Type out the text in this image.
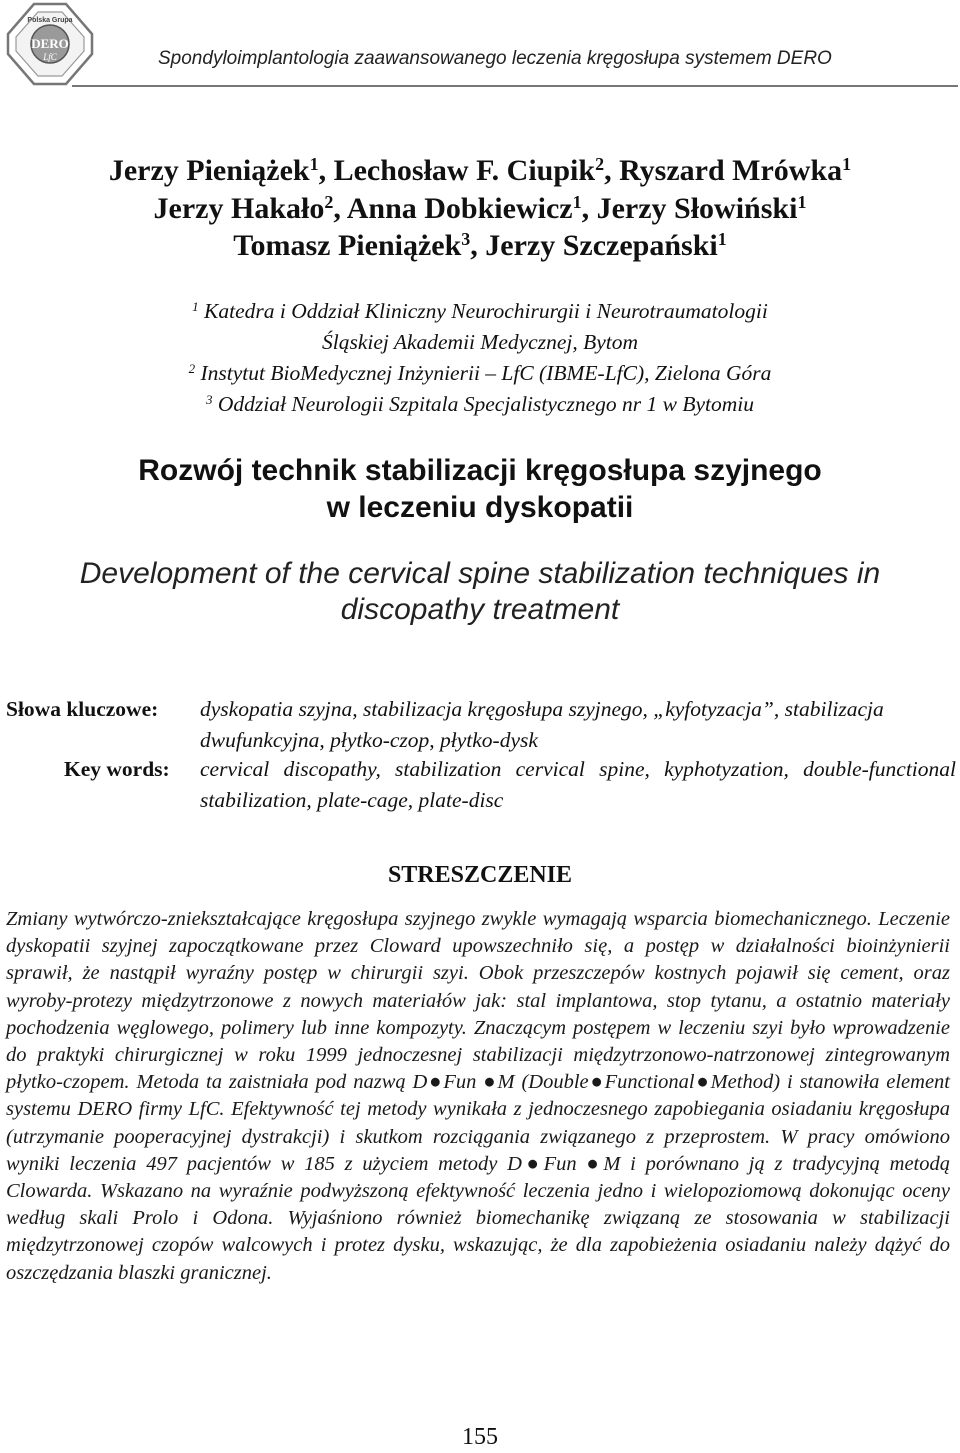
Polska Grupa
DERO
LfC	Spondyloimplantologia zaawansowanego leczenia kręgosłupa systemem DERO
Jerzy Pieniążek$^1$, Lechosław F. Ciupik$^2$, Ryszard Mrówka$^1$
Jerzy Hakało$^2$, Anna Dobkiewicz$^1$, Jerzy Słowiński$^1$
Tomasz Pieniążek$^3$, Jerzy Szczepański$^1$
$^1$ Katedra i Oddział Kliniczny Neurochirurgii i Neurotraumatologii
Śląskiej Akademii Medycznej, Bytom
$^2$ Instytut BioMedycznej Inżynierii – LfC (IBME-LfC), Zielona Góra
$^3$ Oddział Neurologii Szpitala Specjalistycznego nr 1 w Bytomiu
Rozwój technik stabilizacji kręgosłupa szyjnego
w leczeniu dyskopatii
Development of the cervical spine stabilization techniques in
discopathy treatment
Słowa kluczowe: dyskopatia szyjna, stabilizacja kręgosłupa szyjnego, „kyfotyzacja”, stabilizacja dwufunkcyjna, płytko-czop, płytko-dysk
Key words: cervical discopathy, stabilization cervical spine, kyphotyzation, double-functional stabilization, plate-cage, plate-disc
STRESZCZENIE
Zmiany wytwórczo-zniekształcające kręgosłupa szyjnego zwykle wymagają wsparcia biomechanicznego. Leczenie dyskopatii szyjnej zapoczątkowane przez Cloward upowszechniło się, a postęp w działalności bioinżynierii sprawił, że nastąpił wyraźny postęp w chirurgii szyi. Obok przeszczepów kostnych pojawił się cement, oraz wyroby-protezy międzytrzonowe z nowych materiałów jak: stal implantowa, stop tytanu, a ostatnio materiały pochodzenia węglowego, polimery lub inne kompozyty. Znaczącym postępem w leczeniu szyi było wprowadzenie do praktyki chirurgicznej w roku 1999 jednoczesnej stabilizacji międzytrzonowo-natrzonowej zintegrowanym płytko-czopem. Metoda ta zaistniała pod nazwą D●Fun ●M (Double●Functional●Method) i stanowiła element systemu DERO firmy LfC. Efektywność tej metody wynikała z jednoczesnego zapobiegania osiadaniu kręgosłupa (utrzymanie pooperacyjnej dystrakcji) i skutkom rozciągania związanego z przeprostem. W pracy omówiono wyniki leczenia 497 pacjentów w 185 z użyciem metody D●Fun ●M i porównano ją z tradycyjną metodą Clowarda. Wskazano na wyraźnie podwyższoną efektywność leczenia jedno i wielopoziomową dokonując oceny według skali Prolo i Odona. Wyjaśniono również biomechanikę związaną ze stosowania w stabilizacji międzytrzonowej czopów walcowych i protez dysku, wskazując, że dla zapobieżenia osiadaniu należy dążyć do oszczędzania blaszki granicznej.
155
